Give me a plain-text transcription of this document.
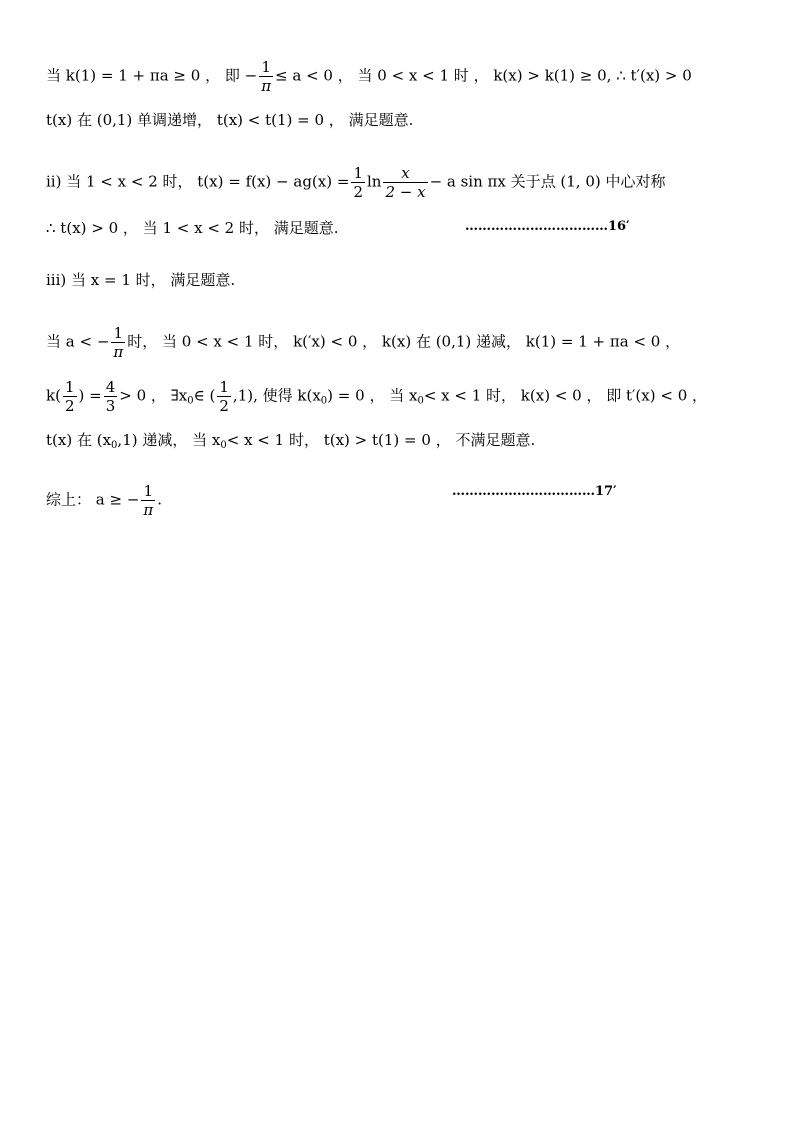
当 k(1) = 1 + πa ≥ 0 ， 即 − $\frac{1}{\pi} \le a < 0$ ， 当 0 < x < 1 时 ， k(x) > k(1) ≥ 0, ∴ t′(x) > 0
t(x) 在 (0,1) 单调递增， t(x) < t(1) = 0 ， 满足题意.
ii) 当 1 < x < 2 时， $t(x) = f(x) - ag(x) = \frac{1}{2}$ $\ln \frac{x}{2 - x} - a$ sin πx 关于点 (1, 0) 中心对称
∴ t(x) > 0 ， 当 1 < x < 2 时， 满足题意.	……………………………16′
iii) 当 x = 1 时， 满足题意.
当 a < − $\frac{1}{\pi}$ 时， 当 0 < x < 1 时， k(′x) < 0 ， k(x) 在 (0,1) 递减， k(1) = 1 + πa < 0 ，
$k( \frac{1}{2}$ ) = $\frac{4}{3} > 0$ ， $\exists x_0\in$ ( $\frac{1}{2} ,1$), 使得 $k(x_0) = 0$ ， 当 $x_0< x < 1$ 时， k(x) < 0 ， 即 t′(x) < 0 ，
t(x) 在 $(x_0,1)$ 递减， 当 $x_0< x < 1$ 时， t(x) > t(1) = 0 ， 不满足题意.
综上： a ≥ − $\frac{1}{\pi}$ .	……………………………17′
